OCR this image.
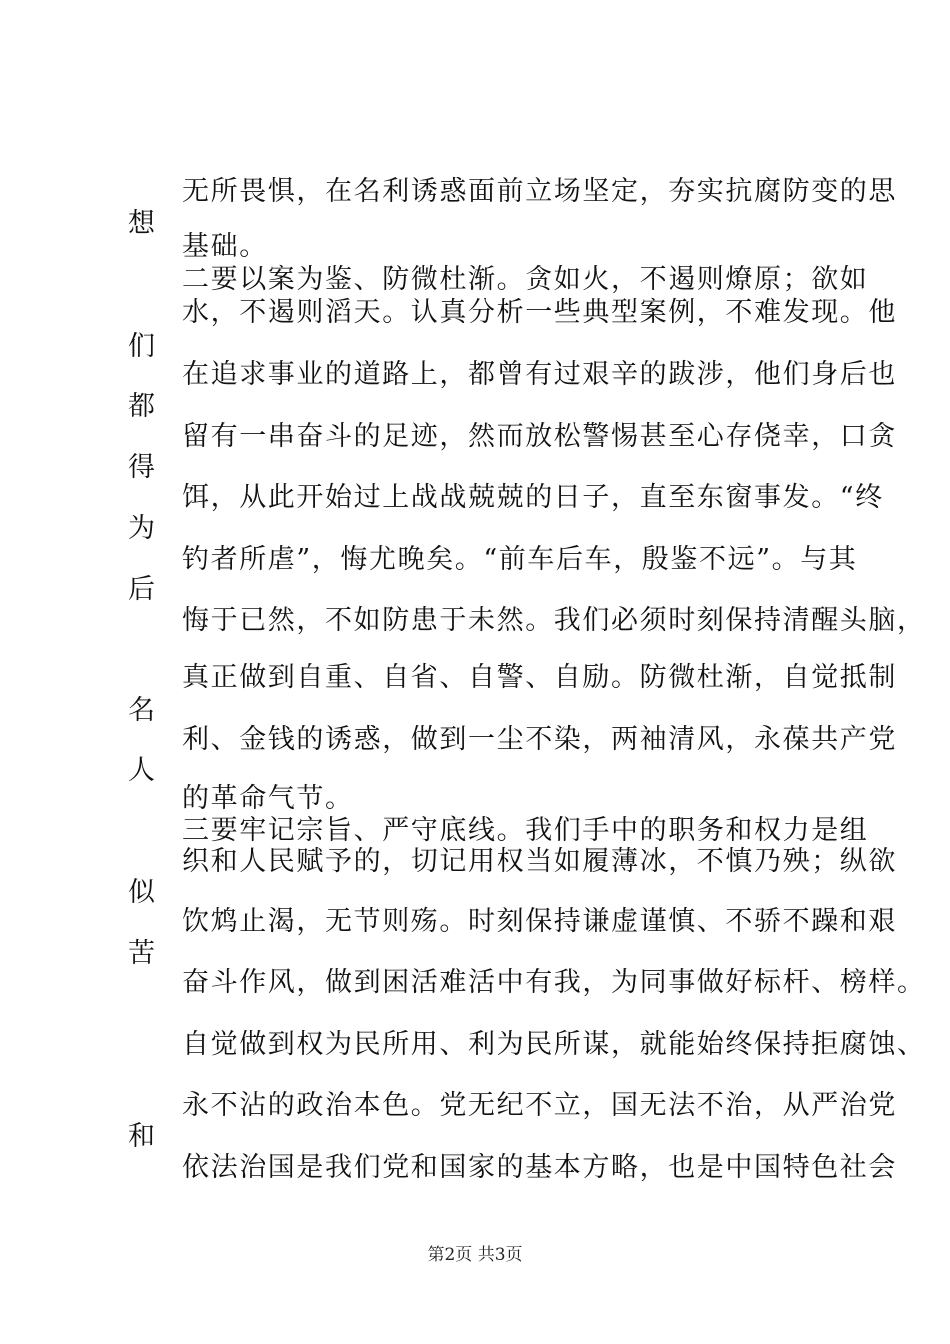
无所畏惧，在名利诱惑面前立场坚定，夯实抗腐防变的思
基础。
二要以案为鉴、防微杜渐。贪如火，不遏则燎原；欲如
水，不遏则滔天。认真分析一些典型案例，不难发现。他
在追求事业的道路上，都曾有过艰辛的跋涉，他们身后也
留有一串奋斗的足迹，然而放松警惕甚至心存侥幸，口贪
饵，从此开始过上战战兢兢的日子，直至东窗事发。“终
钓者所虐”，悔尤晚矣。“前车后车，殷鉴不远”。与其
悔于已然，不如防患于未然。我们必须时刻保持清醒头脑，
真正做到自重、自省、自警、自励。防微杜渐，自觉抵制
利、金钱的诱惑，做到一尘不染，两袖清风，永葆共产党
的革命气节。
三要牢记宗旨、严守底线。我们手中的职务和权力是组
织和人民赋予的，切记用权当如履薄冰，不慎乃殃；纵欲
饮鸩止渴，无节则殇。时刻保持谦虚谨慎、不骄不躁和艰
奋斗作风，做到困活难活中有我，为同事做好标杆、榜样。
自觉做到权为民所用、利为民所谋，就能始终保持拒腐蚀、
永不沾的政治本色。党无纪不立，国无法不治，从严治党
依法治国是我们党和国家的基本方略，也是中国特色社会
想
们
都
得
为
后
名
人
似
苦
和
第2页 共3页
